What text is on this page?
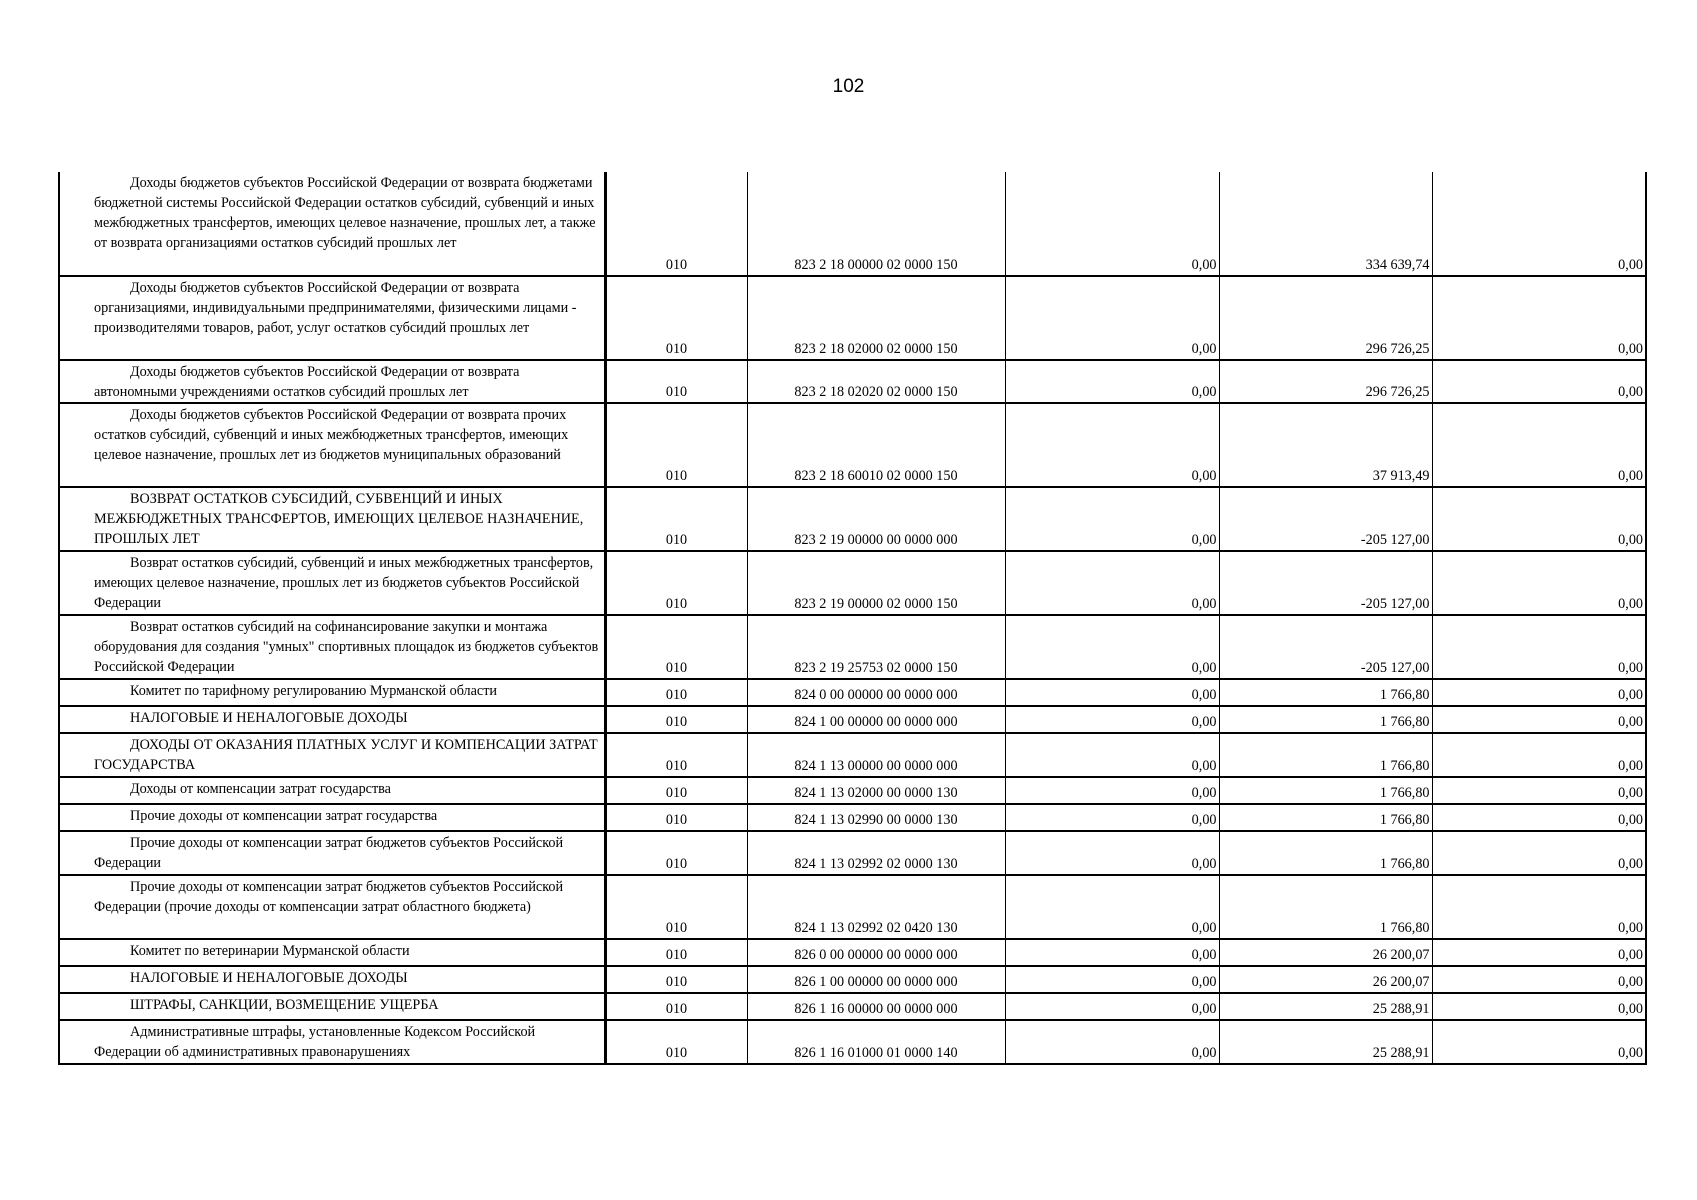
102
Доходы бюджетов субъектов Российской Федерации от возврата бюджетами бюджетной системы Российской Федерации остатков субсидий, субвенций и иных межбюджетных трансфертов, имеющих целевое назначение, прошлых лет, а также от возврата организациями остатков субсидий прошлых лет	010	823 2 18 00000 02 0000 150	0,00	334 639,74	0,00
Доходы бюджетов субъектов Российской Федерации от возврата организациями, индивидуальными предпринимателями, физическими лицами - производителями товаров, работ, услуг остатков субсидий прошлых лет	010	823 2 18 02000 02 0000 150	0,00	296 726,25	0,00
Доходы бюджетов субъектов Российской Федерации от возврата автономными учреждениями остатков субсидий прошлых лет	010	823 2 18 02020 02 0000 150	0,00	296 726,25	0,00
Доходы бюджетов субъектов Российской Федерации от возврата прочих остатков субсидий, субвенций и иных межбюджетных трансфертов, имеющих целевое назначение, прошлых лет из бюджетов муниципальных образований	010	823 2 18 60010 02 0000 150	0,00	37 913,49	0,00
ВОЗВРАТ ОСТАТКОВ СУБСИДИЙ, СУБВЕНЦИЙ И ИНЫХ МЕЖБЮДЖЕТНЫХ ТРАНСФЕРТОВ, ИМЕЮЩИХ ЦЕЛЕВОЕ НАЗНАЧЕНИЕ, ПРОШЛЫХ ЛЕТ	010	823 2 19 00000 00 0000 000	0,00	-205 127,00	0,00
Возврат остатков субсидий, субвенций и иных межбюджетных трансфертов, имеющих целевое назначение, прошлых лет из бюджетов субъектов Российской Федерации	010	823 2 19 00000 02 0000 150	0,00	-205 127,00	0,00
Возврат остатков субсидий на софинансирование закупки и монтажа оборудования для создания "умных" спортивных площадок из бюджетов субъектов Российской Федерации	010	823 2 19 25753 02 0000 150	0,00	-205 127,00	0,00
Комитет по тарифному регулированию Мурманской области	010	824 0 00 00000 00 0000 000	0,00	1 766,80	0,00
НАЛОГОВЫЕ И НЕНАЛОГОВЫЕ ДОХОДЫ	010	824 1 00 00000 00 0000 000	0,00	1 766,80	0,00
ДОХОДЫ ОТ ОКАЗАНИЯ ПЛАТНЫХ УСЛУГ И КОМПЕНСАЦИИ ЗАТРАТ ГОСУДАРСТВА	010	824 1 13 00000 00 0000 000	0,00	1 766,80	0,00
Доходы от компенсации затрат государства	010	824 1 13 02000 00 0000 130	0,00	1 766,80	0,00
Прочие доходы от компенсации затрат государства	010	824 1 13 02990 00 0000 130	0,00	1 766,80	0,00
Прочие доходы от компенсации затрат бюджетов субъектов Российской Федерации	010	824 1 13 02992 02 0000 130	0,00	1 766,80	0,00
Прочие доходы от компенсации затрат бюджетов субъектов Российской Федерации (прочие доходы от компенсации затрат областного бюджета)	010	824 1 13 02992 02 0420 130	0,00	1 766,80	0,00
Комитет по ветеринарии Мурманской области	010	826 0 00 00000 00 0000 000	0,00	26 200,07	0,00
НАЛОГОВЫЕ И НЕНАЛОГОВЫЕ ДОХОДЫ	010	826 1 00 00000 00 0000 000	0,00	26 200,07	0,00
ШТРАФЫ, САНКЦИИ, ВОЗМЕЩЕНИЕ УЩЕРБА	010	826 1 16 00000 00 0000 000	0,00	25 288,91	0,00
Административные штрафы, установленные Кодексом Российской Федерации об административных правонарушениях	010	826 1 16 01000 01 0000 140	0,00	25 288,91	0,00
